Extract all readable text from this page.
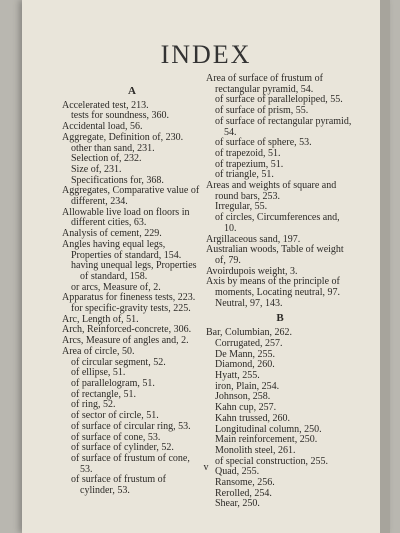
INDEX
A
Accelerated test, 213.
tests for soundness, 360.
Accidental load, 56.
Aggregate, Definition of, 230.
other than sand, 231.
Selection of, 232.
Size of, 231.
Specifications for, 368.
Aggregates, Comparative value of different, 234.
Allowable live load on floors in different cities, 63.
Analysis of cement, 229.
Angles having equal legs, Properties of standard, 154.
having unequal legs, Properties of standard, 158.
or arcs, Measure of, 2.
Apparatus for fineness tests, 223.
for specific-gravity tests, 225.
Arc, Length of, 51.
Arch, Reinforced-concrete, 306.
Arcs, Measure of angles and, 2.
Area of circle, 50.
of circular segment, 52.
of ellipse, 51.
of parallelogram, 51.
of rectangle, 51.
of ring, 52.
of sector of circle, 51.
of surface of circular ring, 53.
of surface of cone, 53.
of surface of cylinder, 52.
of surface of frustum of cone, 53.
of surface of frustum of cylinder, 53.
Area of surface of frustum of rectangular pyramid, 54.
of surface of parallelopiped, 55.
of surface of prism, 55.
of surface of rectangular pyramid, 54.
of surface of sphere, 53.
of trapezoid, 51.
of trapezium, 51.
of triangle, 51.
Areas and weights of square and round bars, 253.
Irregular, 55.
of circles, Circumferences and, 10.
Argillaceous sand, 197.
Australian woods, Table of weight of, 79.
Avoirdupois weight, 3.
Axis by means of the principle of moments, Locating neutral, 97.
Neutral, 97, 143.
B
Bar, Columbian, 262.
Corrugated, 257.
De Mann, 255.
Diamond, 260.
Hyatt, 255.
iron, Plain, 254.
Johnson, 258.
Kahn cup, 257.
Kahn trussed, 260.
Longitudinal column, 250.
Main reinforcement, 250.
Monolith steel, 261.
of special construction, 255.
Quad, 255.
Ransome, 256.
Rerolled, 254.
Shear, 250.
v
